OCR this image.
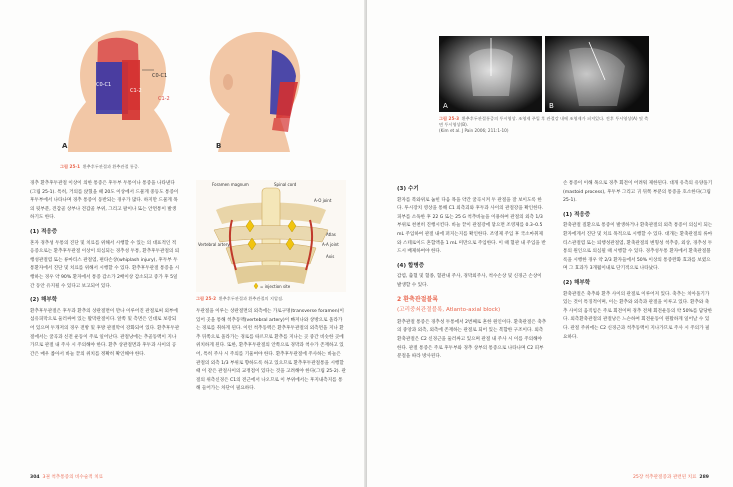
C0-C1
C1-2
C0-C1
C1-2
A	B
그림 25-1 환추후두관절과 환추관절 통증.

경추 환추후두관절 이상이 의한 통증은 후두부 두통이나 통증을 나타낸다(그림 25-1). 특히, 거의를 앉혔을 때 20도 이상에서 드물게 중등도 통증이 후두부에서 나타나며 경추 통증이 동반되는 경우가 많다. 하지만 드물게 목의 뒷부분, 견갑골 상부나 견갑골 부위, 그리고 팔이나 또는 안면통이 발생하기도 한다.

(1) 적응증

혼자 경추성 두통의 진단 및 치료를 위해서 시행할 수 있는 의 대표적인 적응증으로는 환추후두관절 이상이 의심되는 경추성 두통, 환추후두관절의 퇴행성관절염 또는 류마티스 관절염, 편타손상(whiplash injury), 후두부 두통환자에서 진단 및 치료를 위해서 시행할 수 있다. 환추후두관절 통증을 시행하는 경우 약 90% 환자에서 통증 감소가 2배이상 감소되고 증가 후 5일간 동안 유지될 수 있다고 보고되어 있다.

(2) 해부학

환추후두관절은 후두과 환추의 상관절면이 만나 이루어진 관절로써 외부에 섬유피막으로 둘러싸여 있는 활막관절이다. 앞쪽 및 측면은 인대로 보강되어 있으며 두개저의 경우 전방 및 후방 관절막이 강화되어 있다. 환추후두관절에서는 굴곡과 신전 운동이 주로 일어난다. 관절낭에는 추골동맥이 지나가므로 관절 내 주사 시 주의해야 한다. 환추 상관절면과 후두과 사이의 공간은 매우 좁아서 바늘 끝의 위치를 정확히 확인해야 한다.

Foramen magnum	Spinal cord
A-O joint
Vertebral artery
Atlas
A-A joint
Axis
= injection site
그림 25-2 환추후두관절과 환추관절의 지압점.

두관절을 이루는 상관절면의 외측에는 가로구멍(transverse foramen)이 있어 곳을 통해 척추동맥(vertebral artery)이 빠져나와 상방으로 올라가는 경로를 취하게 된다. 이런 척추동맥은 환추후두관절의 외측면을 지나 환추 뒤쪽으로 올라가는 경로를 따르므로 환추를 지나는 곳 중간 비슷한 곳에 위치하게 된다. 또한, 환추후두관절의 안쪽으로 경막과 척수가 존재하고 있어, 특히 주사 시 주의를 기울여야 한다. 환추후두관절에 주사하는 바늘은 관절의 외측 1/3 부위로 향하도록 하고 있으므로 환추후두관절통을 시행할 때 이 같은 관절사이의 교정점이 있다는 것을 고려해야 한다(그림 25-2). 관절의 위측신경은 C1의 전근에서 나오므로 이 부위에서는 후지내측지를 통해 들어가는 차단이 필요하다.

304 3권 척추통증의 비수술적 치료
A	B
그림 25-3 환추후두관절통증의 투시영상. 조영제 주입 후 관절강 내에 조영제가 퍼져있다. 전후 투시영상(A) 및 측면 투시영상(B).
(Kim et al. J Pain 2006; 211:1-10)
(3) 수기

환자를 복와위로 눕힌 다음 목을 약간 굴곡시켜 두 관절을 잘 보이도록 한다. 투시장치 영상을 통해 C1 외측괴와 후두과 사이의 관절강을 확인한다. 피부를 소독한 후 22 G 또는 25 G 척추바늘을 이용하여 관절의 외측 1/3 부위로 천천히 진행시킨다. 바늘 끝이 관절강에 닿으면 조영제를 0.3–0.5 mL 주입하여 관절 내에 퍼지는지를 확인한다. 조영제 주입 후 국소마취제와 스테로이드 혼합액을 1 mL 미만으로 주입한다. 이 때 혈관 내 주입을 반드시 배제하여야 한다.

(4) 합병증

감염, 출혈 및 혈종, 혈관내 주사, 경막외주사, 척수손상 및 신경근 손상이 발생할 수 있다.

2 환축관절블록
(고리중쇠관절블록, Atlanto-axial block)

환추관절 통증은 경추성 두통에서 2번째로 흔한 원인이다. 환축관절은 축추의 중앙과 외측, 외측에 존재하는 관절로 되어 있는 복합한 구조이다. 외측환축관절은 C2 신경근을 둘러싸고 있으며 관절 내 주사 시 이를 주의해야 한다. 관절 통증은 주로 후두부와 경추 상부의 통증으로 나타나며 C2 피부분절을 따라 방사된다.

손 통증이 이해 목으로 경추 회전이 어려워 제한된다. 대개 유측의 유양돌기(mastoid process), 후두부 그리고 귀 뒤쪽 부분의 통증을 호소한다(그림 25-1).

(1) 적응증

환축관절 질환으로 통증이 발생하거나 환축관절의 외측 통증이 의심이 되는 환자에게서 진단 및 치료 목적으로 시행할 수 있다. 대개는 환축관절의 류마티스관절염 또는 퇴행성관절염, 환축관절의 변형성 척추증, 외상, 경추성 두통의 원인으로 의심될 때 시행할 수 있다. 경추성두통 환자에서 환축관절블록을 시행한 경우 약 2/3 환자들에서 50% 이상의 통증완화 효과를 보였으며 그 효과가 3개월이내로 단기적으로 나타났다.

(2) 해부학

환축관절은 축추와 환추 사이의 관절로 이루어져 있다. 축추는 치아돌기가 있는 것이 특징적이며, 이는 환추와 외측과 관절을 이루고 있다. 환추와 축추 사이의 움직임은 주로 회전이며 경추 전체 회전운동의 약 50%를 담당한다. 외측환축관절의 관절낭은 느슨하여 회전운동이 원활하게 일어날 수 있다. 관절 주위에는 C2 신경근과 척추동맥이 지나가므로 주사 시 주의가 필요하다.

25장 척추관절증과 관련된 치료 289
